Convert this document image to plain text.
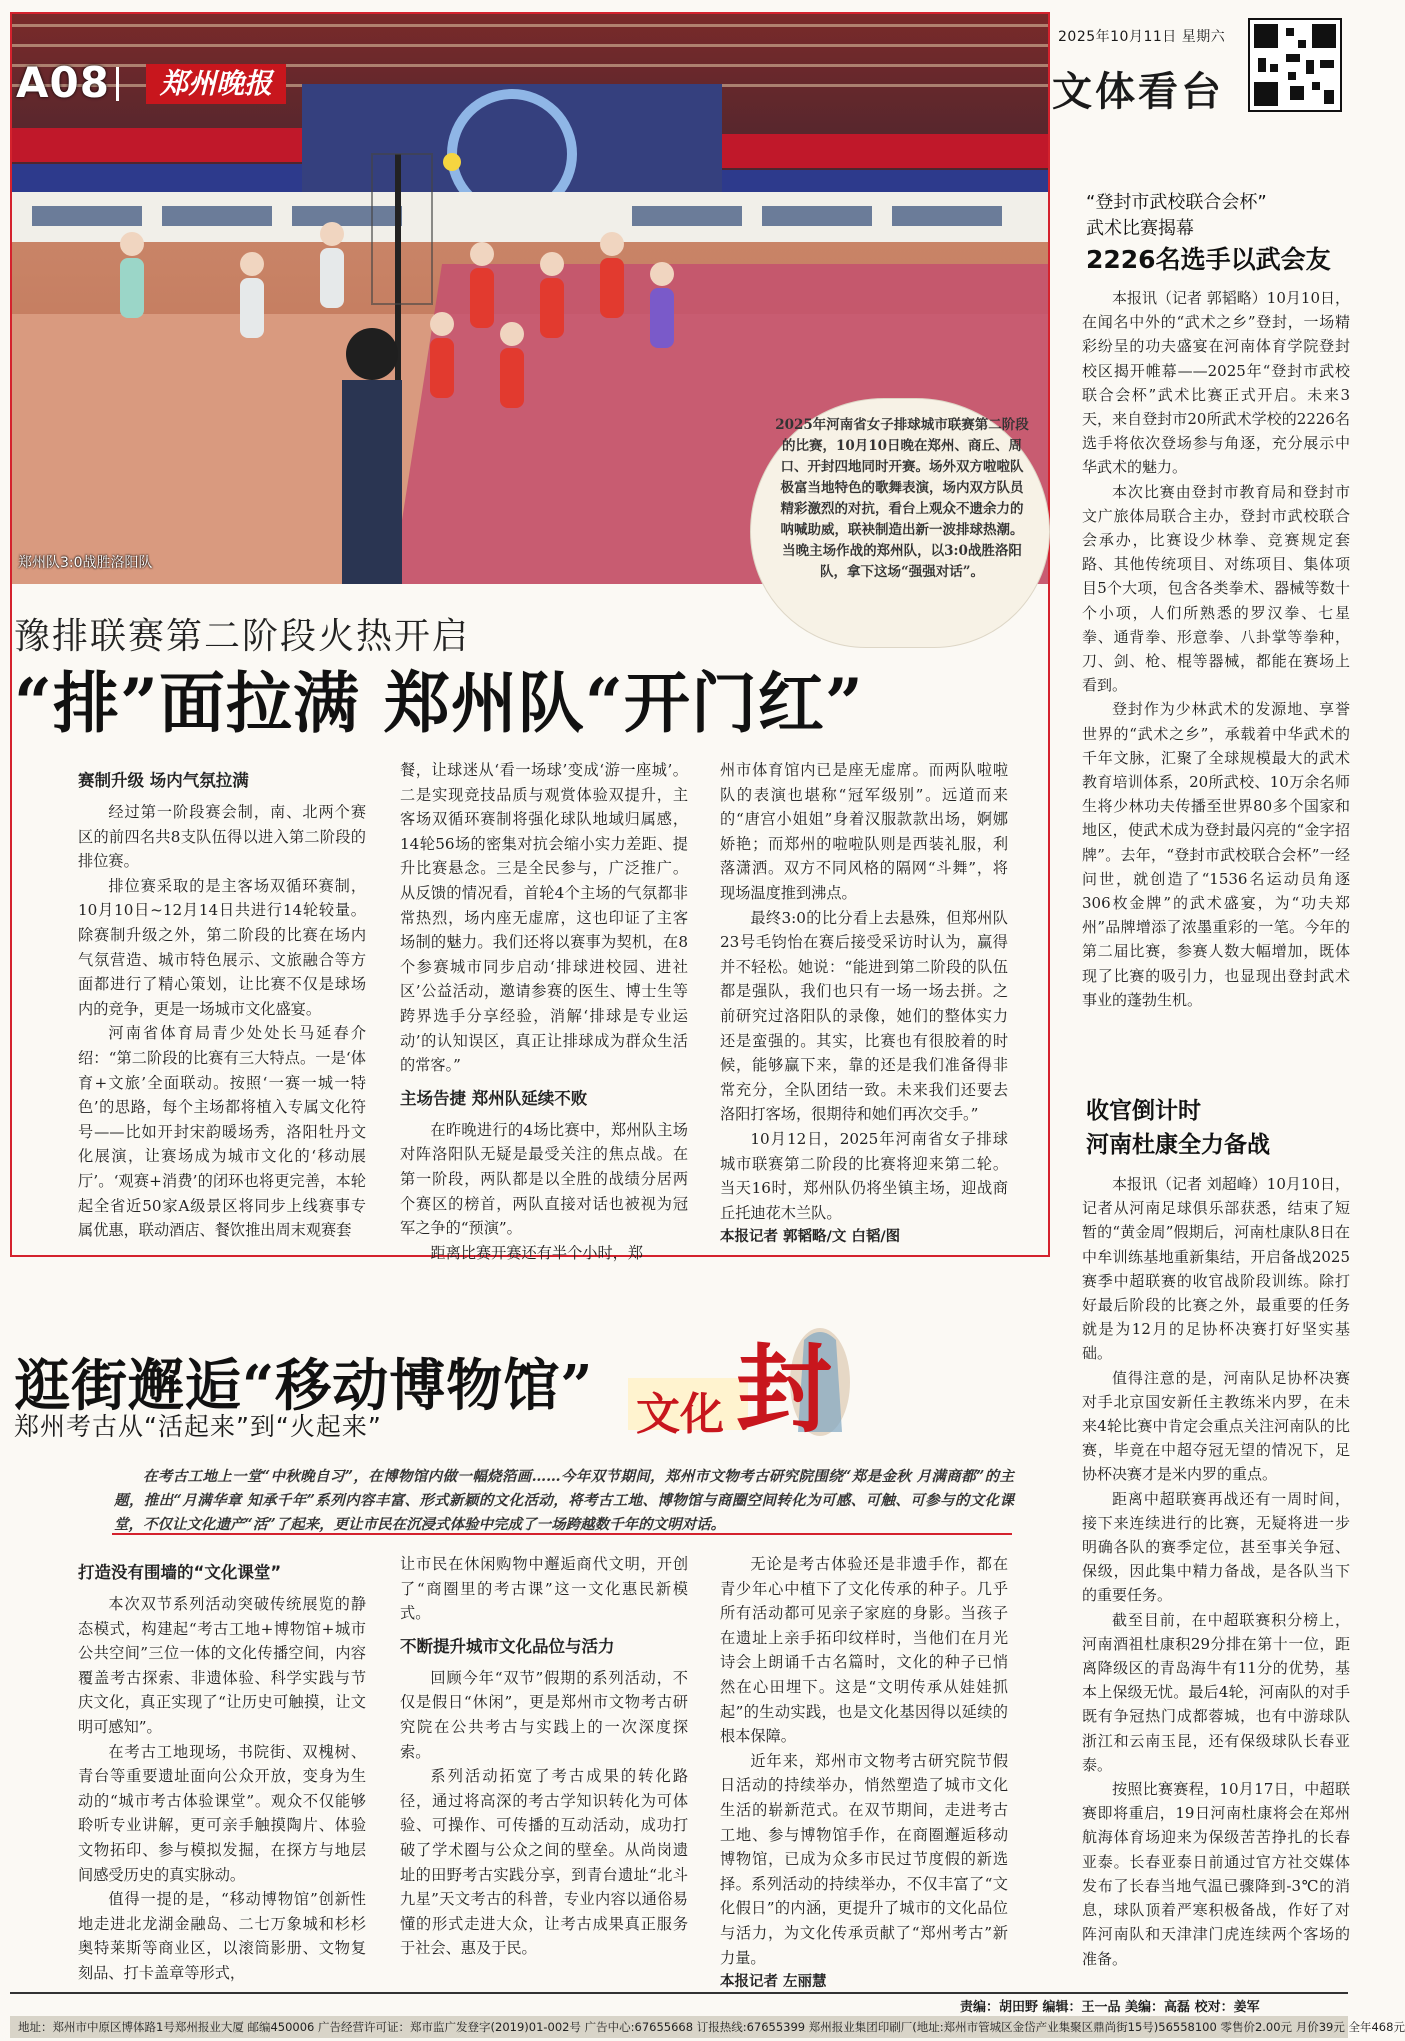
2025年10月11日 星期六
文体看台
A08	郑州晚报
郑州队3:0战胜洛阳队
2025年河南省女子排球城市联赛第二阶段的比赛，10月10日晚在郑州、商丘、周口、开封四地同时开赛。场外双方啦啦队极富当地特色的歌舞表演，场内双方队员精彩激烈的对抗，看台上观众不遗余力的呐喊助威，联袂制造出新一波排球热潮。当晚主场作战的郑州队，以3:0战胜洛阳队，拿下这场“强强对话”。
豫排联赛第二阶段火热开启
“排”面拉满 郑州队“开门红”
赛制升级 场内气氛拉满

经过第一阶段赛会制，南、北两个赛区的前四名共8支队伍得以进入第二阶段的排位赛。

排位赛采取的是主客场双循环赛制，10月10日~12月14日共进行14轮较量。除赛制升级之外，第二阶段的比赛在场内气氛营造、城市特色展示、文旅融合等方面都进行了精心策划，让比赛不仅是球场内的竞争，更是一场城市文化盛宴。

河南省体育局青少处处长马延春介绍：“第二阶段的比赛有三大特点。一是‘体育+文旅’全面联动。按照‘一赛一城一特色’的思路，每个主场都将植入专属文化符号——比如开封宋韵暖场秀，洛阳牡丹文化展演，让赛场成为城市文化的‘移动展厅’。‘观赛+消费’的闭环也将更完善，本轮起全省近50家A级景区将同步上线赛事专属优惠，联动酒店、餐饮推出周末观赛套

餐，让球迷从‘看一场球’变成‘游一座城’。二是实现竞技品质与观赏体验双提升，主客场双循环赛制将强化球队地域归属感，14轮56场的密集对抗会缩小实力差距、提升比赛悬念。三是全民参与，广泛推广。从反馈的情况看，首轮4个主场的气氛都非常热烈，场内座无虚席，这也印证了主客场制的魅力。我们还将以赛事为契机，在8个参赛城市同步启动‘排球进校园、进社区’公益活动，邀请参赛的医生、博士生等跨界选手分享经验，消解‘排球是专业运动’的认知误区，真正让排球成为群众生活的常客。”

主场告捷 郑州队延续不败

在昨晚进行的4场比赛中，郑州队主场对阵洛阳队无疑是最受关注的焦点战。在第一阶段，两队都是以全胜的战绩分居两个赛区的榜首，两队直接对话也被视为冠军之争的“预演”。

距离比赛开赛还有半个小时，郑

州市体育馆内已是座无虚席。而两队啦啦队的表演也堪称“冠军级别”。远道而来的“唐宫小姐姐”身着汉服款款出场，婀娜娇艳；而郑州的啦啦队则是西装礼服，利落潇洒。双方不同风格的隔网“斗舞”，将现场温度推到沸点。

最终3:0的比分看上去悬殊，但郑州队23号毛钧怡在赛后接受采访时认为，赢得并不轻松。她说：“能进到第二阶段的队伍都是强队，我们也只有一场一场去拼。之前研究过洛阳队的录像，她们的整体实力还是蛮强的。其实，比赛也有很胶着的时候，能够赢下来，靠的还是我们准备得非常充分，全队团结一致。未来我们还要去洛阳打客场，很期待和她们再次交手。”

10月12日，2025年河南省女子排球城市联赛第二阶段的比赛将迎来第二轮。当天16时，郑州队仍将坐镇主场，迎战商丘托迪花木兰队。

本报记者 郭韬略/文 白韬/图
逛街邂逅“移动博物馆”
郑州考古从“活起来”到“火起来”	文化 封
在考古工地上一堂“中秋晚自习”，在博物馆内做一幅烧箔画……今年双节期间，郑州市文物考古研究院围绕“郑是金秋 月满商都”的主题，推出“月满华章 知承千年”系列内容丰富、形式新颖的文化活动，将考古工地、博物馆与商圈空间转化为可感、可触、可参与的文化课堂，不仅让文化遗产“活”了起来，更让市民在沉浸式体验中完成了一场跨越数千年的文明对话。
打造没有围墙的“文化课堂”

本次双节系列活动突破传统展览的静态模式，构建起“考古工地+博物馆+城市公共空间”三位一体的文化传播空间，内容覆盖考古探索、非遗体验、科学实践与节庆文化，真正实现了“让历史可触摸，让文明可感知”。

在考古工地现场，书院街、双槐树、青台等重要遗址面向公众开放，变身为生动的“城市考古体验课堂”。观众不仅能够聆听专业讲解，更可亲手触摸陶片、体验文物拓印、参与模拟发掘，在探方与地层间感受历史的真实脉动。

值得一提的是，“移动博物馆”创新性地走进北龙湖金融岛、二七万象城和杉杉奥特莱斯等商业区，以滚筒影册、文物复刻品、打卡盖章等形式，

让市民在休闲购物中邂逅商代文明，开创了“商圈里的考古课”这一文化惠民新模式。

不断提升城市文化品位与活力

回顾今年“双节”假期的系列活动，不仅是假日“休闲”，更是郑州市文物考古研究院在公共考古与实践上的一次深度探索。

系列活动拓宽了考古成果的转化路径，通过将高深的考古学知识转化为可体验、可操作、可传播的互动活动，成功打破了学术圈与公众之间的壁垒。从尚岗遗址的田野考古实践分享，到青台遗址“北斗九星”天文考古的科普，专业内容以通俗易懂的形式走进大众，让考古成果真正服务于社会、惠及于民。

无论是考古体验还是非遗手作，都在青少年心中植下了文化传承的种子。几乎所有活动都可见亲子家庭的身影。当孩子在遗址上亲手拓印纹样时，当他们在月光诗会上朗诵千古名篇时，文化的种子已悄然在心田埋下。这是“文明传承从娃娃抓起”的生动实践，也是文化基因得以延续的根本保障。

近年来，郑州市文物考古研究院节假日活动的持续举办，悄然塑造了城市文化生活的崭新范式。在双节期间，走进考古工地、参与博物馆手作，在商圈邂逅移动博物馆，已成为众多市民过节度假的新选择。系列活动的持续举办，不仅丰富了“文化假日”的内涵，更提升了城市的文化品位与活力，为文化传承贡献了“郑州考古”新力量。

本报记者 左丽慧
“登封市武校联合会杯”
武术比赛揭幕
2226名选手以武会友

本报讯（记者 郭韬略）10月10日，在闻名中外的“武术之乡”登封，一场精彩纷呈的功夫盛宴在河南体育学院登封校区揭开帷幕——2025年“登封市武校联合会杯”武术比赛正式开启。未来3天，来自登封市20所武术学校的2226名选手将依次登场参与角逐，充分展示中华武术的魅力。

本次比赛由登封市教育局和登封市文广旅体局联合主办，登封市武校联合会承办，比赛设少林拳、竞赛规定套路、其他传统项目、对练项目、集体项目5个大项，包含各类拳术、器械等数十个小项，人们所熟悉的罗汉拳、七星拳、通背拳、形意拳、八卦掌等拳种，刀、剑、枪、棍等器械，都能在赛场上看到。

登封作为少林武术的发源地、享誉世界的“武术之乡”，承载着中华武术的千年文脉，汇聚了全球规模最大的武术教育培训体系，20所武校、10万余名师生将少林功夫传播至世界80多个国家和地区，使武术成为登封最闪亮的“金字招牌”。去年，“登封市武校联合会杯”一经问世，就创造了“1536名运动员角逐306枚金牌”的武术盛宴，为“功夫郑州”品牌增添了浓墨重彩的一笔。今年的第二届比赛，参赛人数大幅增加，既体现了比赛的吸引力，也显现出登封武术事业的蓬勃生机。

收官倒计时
河南杜康全力备战

本报讯（记者 刘超峰）10月10日，记者从河南足球俱乐部获悉，结束了短暂的“黄金周”假期后，河南杜康队8日在中牟训练基地重新集结，开启备战2025赛季中超联赛的收官战阶段训练。除打好最后阶段的比赛之外，最重要的任务就是为12月的足协杯决赛打好坚实基础。

值得注意的是，河南队足协杯决赛对手北京国安新任主教练米内罗，在未来4轮比赛中肯定会重点关注河南队的比赛，毕竟在中超夺冠无望的情况下，足协杯决赛才是米内罗的重点。

距离中超联赛再战还有一周时间，接下来连续进行的比赛，无疑将进一步明确各队的赛季定位，甚至事关争冠、保级，因此集中精力备战，是各队当下的重要任务。

截至目前，在中超联赛积分榜上，河南酒祖杜康积29分排在第十一位，距离降级区的青岛海牛有11分的优势，基本上保级无忧。最后4轮，河南队的对手既有争冠热门成都蓉城，也有中游球队浙江和云南玉昆，还有保级球队长春亚泰。

按照比赛赛程，10月17日，中超联赛即将重启，19日河南杜康将会在郑州航海体育场迎来为保级苦苦挣扎的长春亚泰。长春亚泰日前通过官方社交媒体发布了长春当地气温已骤降到-3℃的消息，球队顶着严寒积极备战，作好了对阵河南队和天津津门虎连续两个客场的准备。

责编：胡田野 编辑：王一品 美编：高磊 校对：姜军
地址：郑州市中原区博体路1号郑州报业大厦 邮编450006 广告经营许可证：郑市监广发登字(2019)01-002号 广告中心:67655668 订报热线:67655399 郑州报业集团印刷厂(地址:郑州市管城区金岱产业集聚区鼎尚街15号)56558100 零售价2.00元 月价39元 全年468元
